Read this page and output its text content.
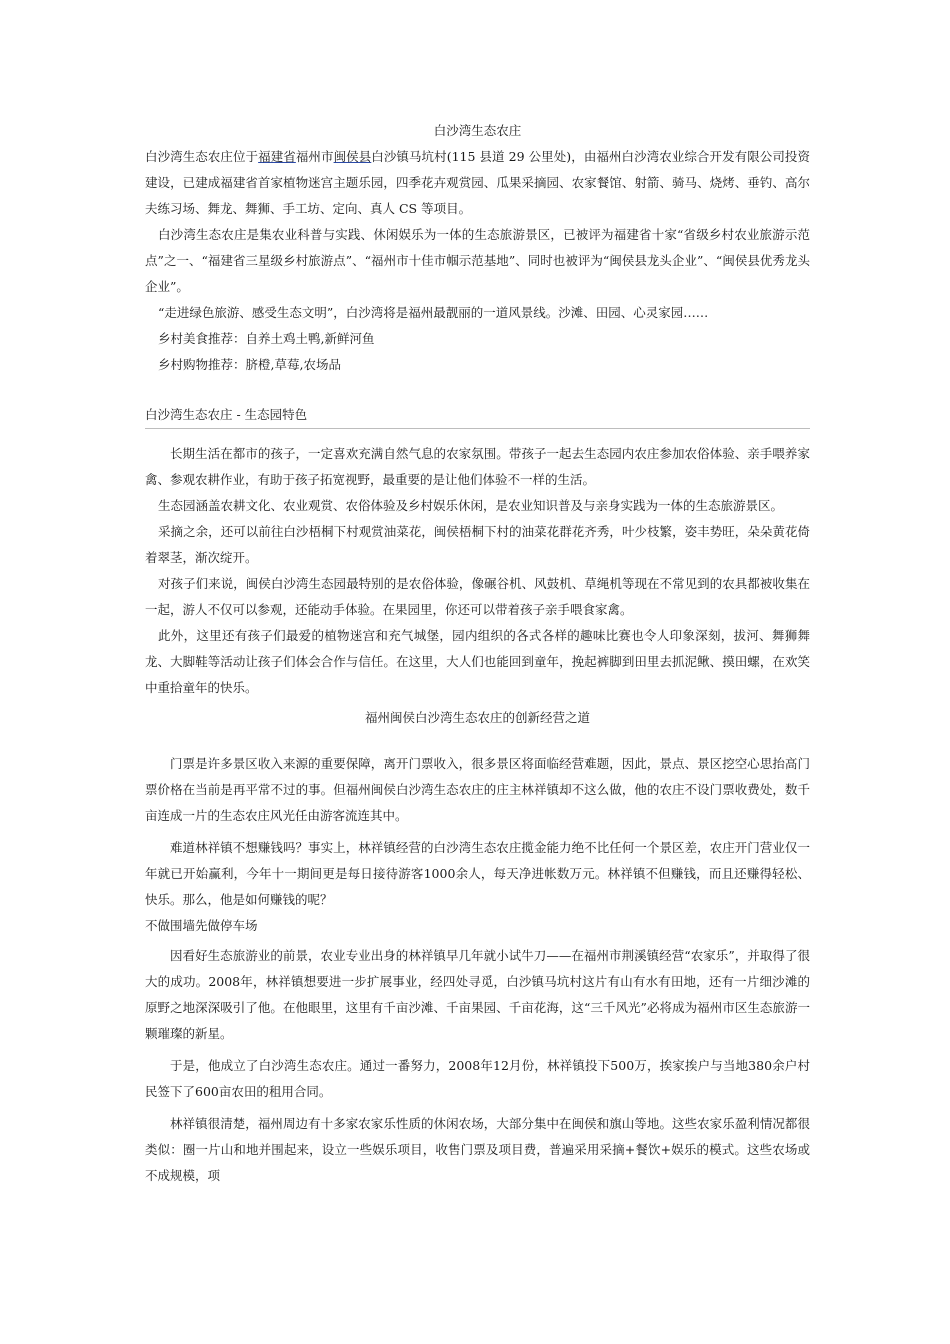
白沙湾生态农庄

白沙湾生态农庄位于福建省福州市闽侯县白沙镇马坑村(115 县道 29 公里处)，由福州白沙湾农业综合开发有限公司投资建设，已建成福建省首家植物迷宫主题乐园，四季花卉观赏园、瓜果采摘园、农家餐馆、射箭、骑马、烧烤、垂钓、高尔夫练习场、舞龙、舞狮、手工坊、定向、真人 CS 等项目。

白沙湾生态农庄是集农业科普与实践、休闲娱乐为一体的生态旅游景区，已被评为福建省十家“省级乡村农业旅游示范点”之一、“福建省三星级乡村旅游点”、“福州市十佳市帼示范基地”、同时也被评为“闽侯县龙头企业”、“闽侯县优秀龙头企业”。

“走进绿色旅游、感受生态文明”，白沙湾将是福州最靓丽的一道风景线。沙滩、田园、心灵家园……

乡村美食推荐：自养土鸡土鸭,新鲜河鱼

乡村购物推荐：脐橙,草莓,农场品

白沙湾生态农庄 - 生态园特色

长期生活在都市的孩子，一定喜欢充满自然气息的农家氛围。带孩子一起去生态园内农庄参加农俗体验、亲手喂养家禽、参观农耕作业，有助于孩子拓宽视野，最重要的是让他们体验不一样的生活。

生态园涵盖农耕文化、农业观赏、农俗体验及乡村娱乐休闲，是农业知识普及与亲身实践为一体的生态旅游景区。

采摘之余，还可以前往白沙梧桐下村观赏油菜花，闽侯梧桐下村的油菜花群花齐秀，叶少枝繁，姿丰势旺，朵朵黄花倚着翠茎，渐次绽开。

对孩子们来说，闽侯白沙湾生态园最特别的是农俗体验，像碾谷机、风鼓机、草绳机等现在不常见到的农具都被收集在一起，游人不仅可以参观，还能动手体验。在果园里，你还可以带着孩子亲手喂食家禽。

此外，这里还有孩子们最爱的植物迷宫和充气城堡，园内组织的各式各样的趣味比赛也令人印象深刻，拔河、舞狮舞龙、大脚鞋等活动让孩子们体会合作与信任。在这里，大人们也能回到童年，挽起裤脚到田里去抓泥鳅、摸田螺，在欢笑中重拾童年的快乐。

福州闽侯白沙湾生态农庄的创新经营之道

门票是许多景区收入来源的重要保障，离开门票收入，很多景区将面临经营难题，因此，景点、景区挖空心思抬高门票价格在当前是再平常不过的事。但福州闽侯白沙湾生态农庄的庄主林祥镇却不这么做，他的农庄不设门票收费处，数千亩连成一片的生态农庄风光任由游客流连其中。

难道林祥镇不想赚钱吗？事实上，林祥镇经营的白沙湾生态农庄揽金能力绝不比任何一个景区差，农庄开门营业仅一年就已开始赢利，今年十一期间更是每日接待游客1000余人，每天净进帐数万元。林祥镇不但赚钱，而且还赚得轻松、快乐。那么，他是如何赚钱的呢？

不做围墙先做停车场

因看好生态旅游业的前景，农业专业出身的林祥镇早几年就小试牛刀——在福州市荆溪镇经营“农家乐”，并取得了很大的成功。2008年，林祥镇想要进一步扩展事业，经四处寻觅，白沙镇马坑村这片有山有水有田地，还有一片细沙滩的原野之地深深吸引了他。在他眼里，这里有千亩沙滩、千亩果园、千亩花海，这“三千风光”必将成为福州市区生态旅游一颗璀璨的新星。

于是，他成立了白沙湾生态农庄。通过一番努力，2008年12月份，林祥镇投下500万，挨家挨户与当地380余户村民签下了600亩农田的租用合同。

林祥镇很清楚，福州周边有十多家农家乐性质的休闲农场，大部分集中在闽侯和旗山等地。这些农家乐盈利情况都很类似：圈一片山和地并围起来，设立一些娱乐项目，收售门票及项目费，普遍采用采摘+餐饮+娱乐的模式。这些农场或不成规模，项
